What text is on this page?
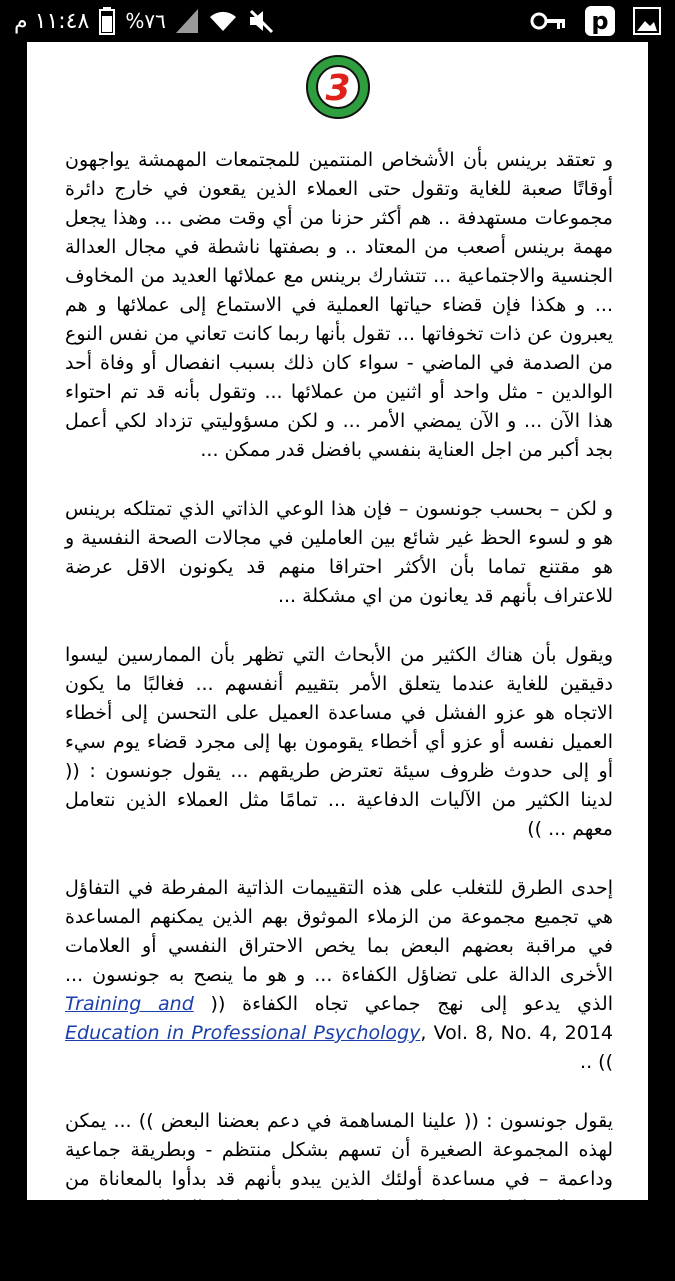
١١:٤٨ م %٧٦	p
3

و تعتقد برينس بأن الأشخاص المنتمين للمجتمعات المهمشة يواجهون أوقاتًا صعبة للغاية وتقول حتى العملاء الذين يقعون في خارج دائرة مجموعات مستهدفة .. هم أكثر حزنا من أي وقت مضى ... وهذا يجعل مهمة برينس أصعب من المعتاد .. و بصفتها ناشطة في مجال العدالة الجنسية والاجتماعية ... تتشارك برينس مع عملائها العديد من المخاوف ... و هكذا فإن قضاء حياتها العملية في الاستماع إلى عملائها و هم يعبرون عن ذات تخوفاتها ... تقول بأنها ربما كانت تعاني من نفس النوع من الصدمة في الماضي - سواء كان ذلك بسبب انفصال أو وفاة أحد الوالدين - مثل واحد أو اثنين من عملائها ... وتقول بأنه قد تم احتواء هذا الآن ... و الآن يمضي الأمر ... و لكن مسؤوليتي تزداد لكي أعمل بجد أكبر من اجل العناية بنفسي بافضل قدر ممكن ...

و لكن – بحسب جونسون – فإن هذا الوعي الذاتي الذي تمتلكه برينس هو و لسوء الحظ غير شائع بين العاملين في مجالات الصحة النفسية و هو مقتنع تماما بأن الأكثر احتراقا منهم قد يكونون الاقل عرضة للاعتراف بأنهم قد يعانون من اي مشكلة ...

ويقول بأن هناك الكثير من الأبحاث التي تظهر بأن الممارسين ليسوا دقيقين للغاية عندما يتعلق الأمر بتقييم أنفسهم ... فغالبًا ما يكون الاتجاه هو عزو الفشل في مساعدة العميل على التحسن إلى أخطاء العميل نفسه أو عزو أي أخطاء يقومون بها إلى مجرد قضاء يوم سيء أو إلى حدوث ظروف سيئة تعترض طريقهم ... يقول جونسون : (( لدينا الكثير من الآليات الدفاعية ... تمامًا مثل العملاء الذين نتعامل معهم ... ))

إحدى الطرق للتغلب على هذه التقييمات الذاتية المفرطة في التفاؤل هي تجميع مجموعة من الزملاء الموثوق بهم الذين يمكنهم المساعدة في مراقبة بعضهم البعض بما يخص الاحتراق النفسي أو العلامات الأخرى الدالة على تضاؤل الكفاءة ... و هو ما ينصح به جونسون ... الذي يدعو إلى نهج جماعي تجاه الكفاءة (( Training and Education in Professional Psychology, Vol. 8, No. 4, 2014 )) ..

يقول جونسون : (( علينا المساهمة في دعم بعضنا البعض )) ... يمكن لهذه المجموعة الصغيرة أن تسهم بشكل منتظم - وبطريقة جماعية وداعمة – في مساعدة أولئك الذين يبدو بأنهم قد بدأوا بالمعاناة من بعض المشاكل .. و باساليب لطيفة ... فقد يتعامل المعالج مع العديد من المرضى اللذين يعانون من صدمات ... و قد يجد نفسه بحاجة للتخلص من اعباءه بشكل مؤقت أو حتى طلب العلاج ...
